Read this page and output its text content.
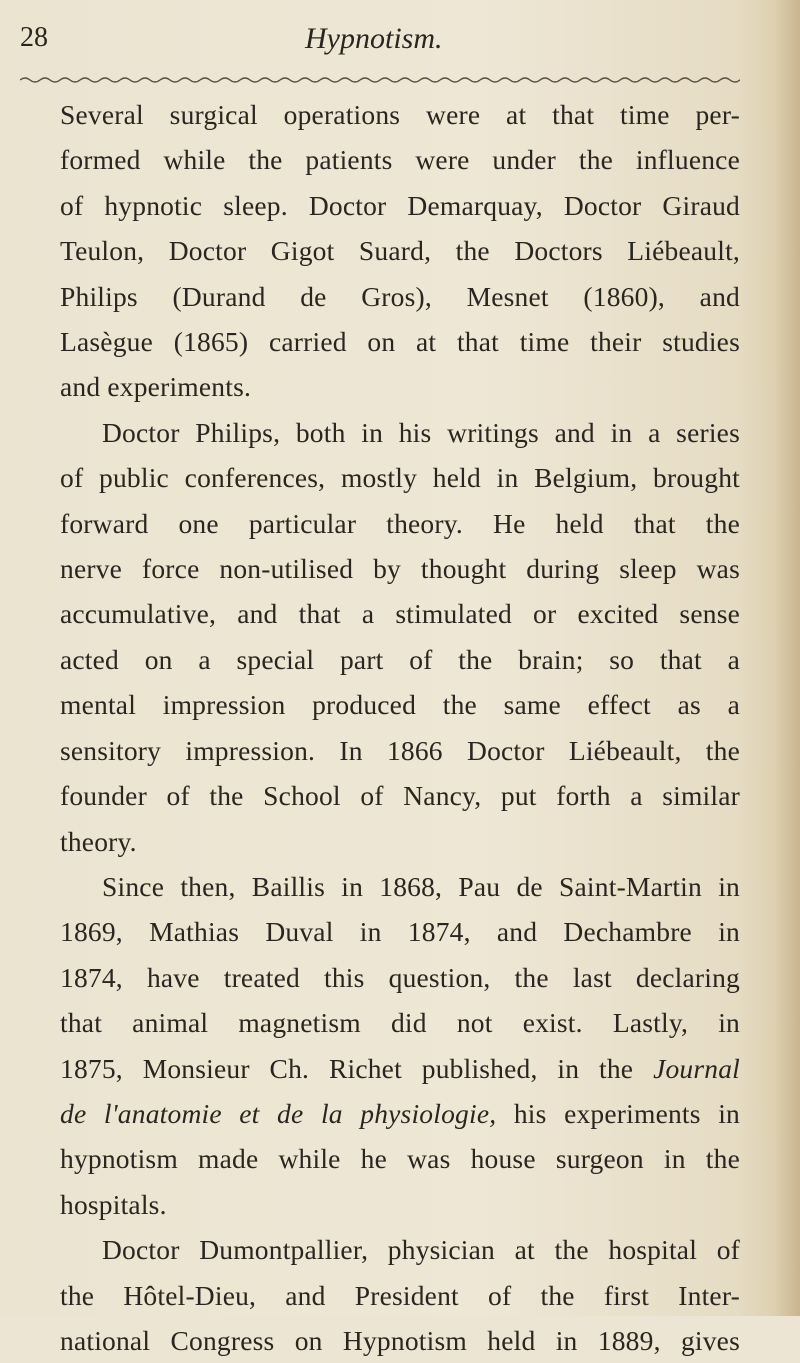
28	Hypnotism.
Several surgical operations were at that time per-
formed while the patients were under the influence
of hypnotic sleep. Doctor Demarquay, Doctor Giraud
Teulon, Doctor Gigot Suard, the Doctors Liébeault,
Philips (Durand de Gros), Mesnet (1860), and
Lasègue (1865) carried on at that time their studies
and experiments.
Doctor Philips, both in his writings and in a series
of public conferences, mostly held in Belgium, brought
forward one particular theory. He held that the
nerve force non-utilised by thought during sleep was
accumulative, and that a stimulated or excited sense
acted on a special part of the brain; so that a
mental impression produced the same effect as a
sensitory impression. In 1866 Doctor Liébeault, the
founder of the School of Nancy, put forth a similar
theory.
Since then, Baillis in 1868, Pau de Saint-Martin in
1869, Mathias Duval in 1874, and Dechambre in
1874, have treated this question, the last declaring
that animal magnetism did not exist. Lastly, in
1875, Monsieur Ch. Richet published, in the Journal
de l'anatomie et de la physiologie, his experiments in
hypnotism made while he was house surgeon in the
hospitals.
Doctor Dumontpallier, physician at the hospital of
the Hôtel-Dieu, and President of the first Inter-
national Congress on Hypnotism held in 1889, gives
